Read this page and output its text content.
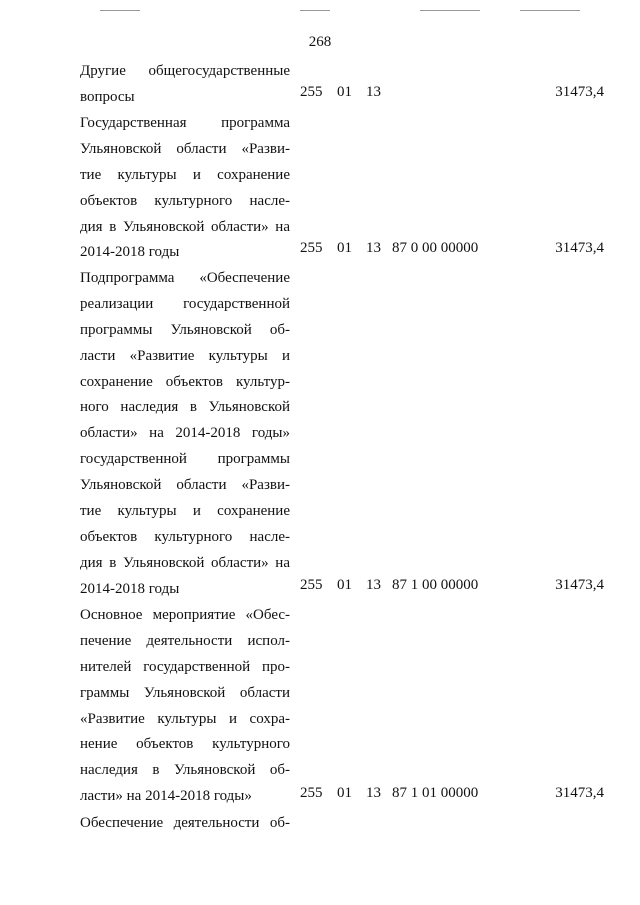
268
Другие общегосударственные
вопросы	255 01 13	31473,4
Государственная программа
Ульяновской области «Разви-
тие культуры и сохранение
объектов культурного насле-
дия в Ульяновской области» на
2014-2018 годы	255 01 13 87 0 00 00000	31473,4
Подпрограмма «Обеспечение
реализации государственной
программы Ульяновской об-
ласти «Развитие культуры и
сохранение объектов культур-
ного наследия в Ульяновской
области» на 2014-2018 годы»
государственной программы
Ульяновской области «Разви-
тие культуры и сохранение
объектов культурного насле-
дия в Ульяновской области» на
2014-2018 годы	255 01 13 87 1 00 00000	31473,4
Основное мероприятие «Обес-
печение деятельности испол-
нителей государственной про-
граммы Ульяновской области
«Развитие культуры и сохра-
нение объектов культурного
наследия в Ульяновской об-
ласти» на 2014-2018 годы»	255 01 13 87 1 01 00000	31473,4
Обеспечение деятельности об-
